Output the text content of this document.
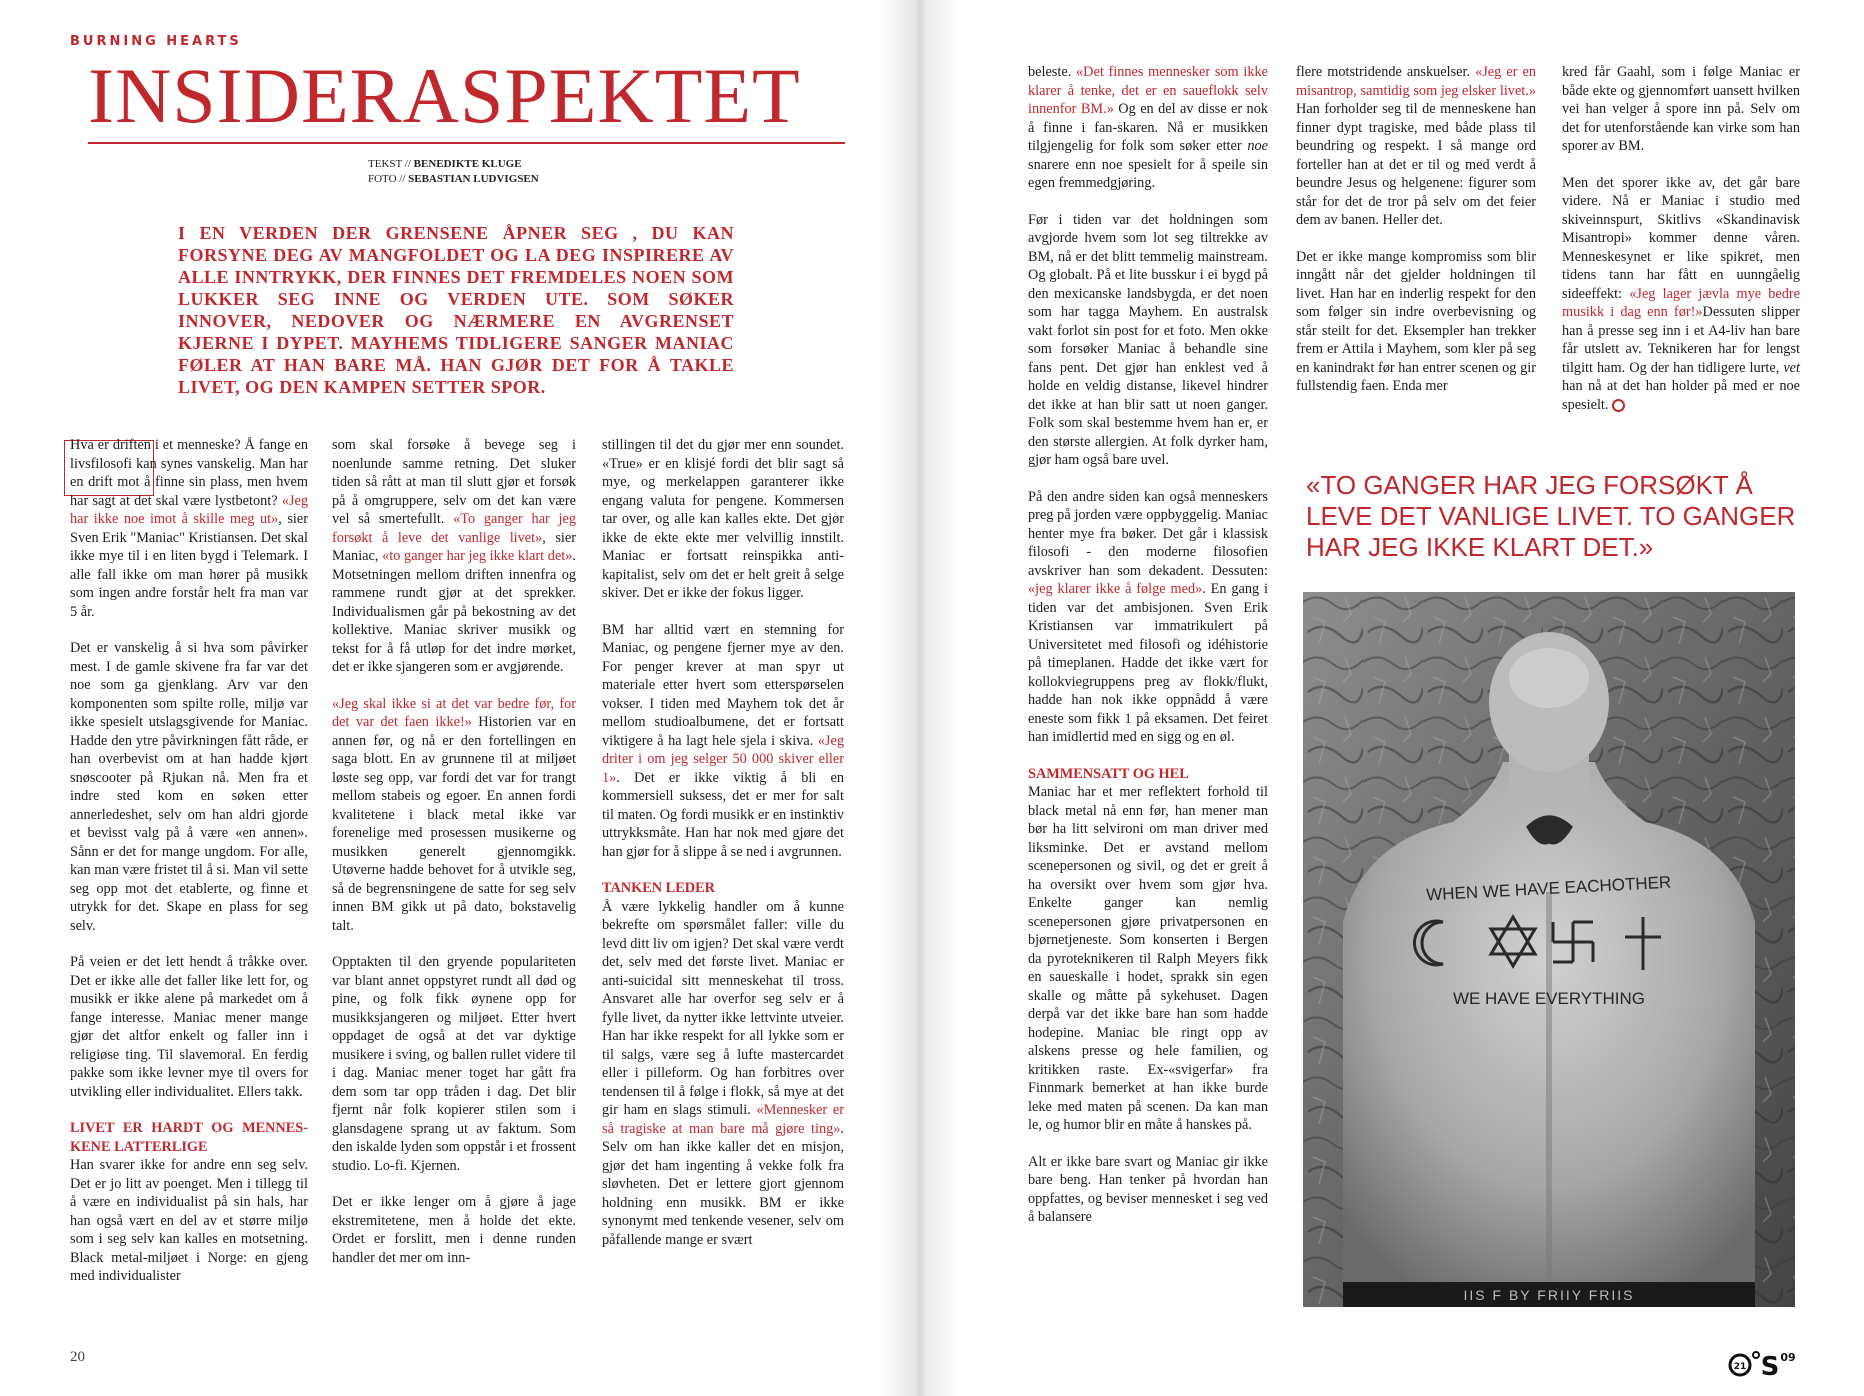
BURNING HEARTS
INSIDERASPEKTET
TEKST // BENEDIKTE KLUGE
FOTO // SEBASTIAN LUDVIGSEN
I EN VERDEN DER GRENSENE ÅPNER SEG , DU KAN FORSYNE DEG AV MANGFOLDET OG LA DEG INSPIRERE AV ALLE INNTRYKK, DER FINNES DET FREMDELES NOEN SOM LUKKER SEG INNE OG VERDEN UTE. SOM SØKER INNOVER, NEDOVER OG NÆRMERE EN AVGRENSET KJERNE I DYPET. MAYHEMS TIDLIGERE SANGER MANIAC FØLER AT HAN BARE MÅ. HAN GJØR DET FOR Å TAKLE LIVET, OG DEN KAMPEN SETTER SPOR.

Hva er driften i et menneske? Å fange en livsfilosofi kan synes vanskelig. Man har en drift mot å finne sin plass, men hvem har sagt at det skal være lystbetont? «Jeg har ikke noe imot å skille meg ut», sier Sven Erik "Maniac" Kristiansen. Det skal ikke mye til i en liten bygd i Telemark. I alle fall ikke om man hører på musikk som ingen andre forstår helt fra man var 5 år.

Det er vanskelig å si hva som påvirker mest. I de gamle skivene fra far var det noe som ga gjenklang. Arv var den komponenten som spilte rolle, miljø var ikke spesielt utslagsgivende for Maniac. Hadde den ytre påvirkningen fått råde, er han overbevist om at han hadde kjørt snøscooter på Rjukan nå. Men fra et indre sted kom en søken etter annerledeshet, selv om han aldri gjorde et bevisst valg på å være «en annen». Sånn er det for mange ungdom. For alle, kan man være fristet til å si. Man vil sette seg opp mot det etablerte, og finne et utrykk for det. Skape en plass for seg selv.

På veien er det lett hendt å tråkke over. Det er ikke alle det faller like lett for, og musikk er ikke alene på markedet om å fange interesse. Maniac mener mange gjør det altfor enkelt og faller inn i religiøse ting. Til slavemoral. En ferdig pakke som ikke levner mye til overs for utvikling eller individualitet. Ellers takk.

LIVET ER HARDT OG MENNES-KENE LATTERLIGE

Han svarer ikke for andre enn seg selv. Det er jo litt av poenget. Men i tillegg til å være en individualist på sin hals, har han også vært en del av et større miljø som i seg selv kan kalles en motsetning. Black metal-miljøet i Norge: en gjeng med individualister

som skal forsøke å bevege seg i noenlunde samme retning. Det sluker tiden så rått at man til slutt gjør et forsøk på å omgruppere, selv om det kan være vel så smertefullt. «To ganger har jeg forsøkt å leve det vanlige livet», sier Maniac, «to ganger har jeg ikke klart det». Motsetningen mellom driften innenfra og rammene rundt gjør at det sprekker. Individualismen går på bekostning av det kollektive. Maniac skriver musikk og tekst for å få utløp for det indre mørket, det er ikke sjangeren som er avgjørende.

«Jeg skal ikke si at det var bedre før, for det var det faen ikke!» Historien var en annen før, og nå er den fortellingen en saga blott. En av grunnene til at miljøet løste seg opp, var fordi det var for trangt mellom stabeis og egoer. En annen fordi kvalitetene i black metal ikke var forenelige med prosessen musikerne og musikken generelt gjennomgikk. Utøverne hadde behovet for å utvikle seg, så de begrensningene de satte for seg selv innen BM gikk ut på dato, bokstavelig talt.

Opptakten til den gryende populariteten var blant annet oppstyret rundt all død og pine, og folk fikk øynene opp for musikksjangeren og miljøet. Etter hvert oppdaget de også at det var dyktige musikere i sving, og ballen rullet videre til i dag. Maniac mener toget har gått fra dem som tar opp tråden i dag. Det blir fjernt når folk kopierer stilen som i glansdagene sprang ut av faktum. Som den iskalde lyden som oppstår i et frossent studio. Lo-fi. Kjernen.

Det er ikke lenger om å gjøre å jage ekstremitetene, men å holde det ekte. Ordet er forslitt, men i denne runden handler det mer om inn-

stillingen til det du gjør mer enn soundet. «True» er en klisjé fordi det blir sagt så mye, og merkelappen garanterer ikke engang valuta for pengene. Kommersen tar over, og alle kan kalles ekte. Det gjør ikke de ekte ekte mer velvillig innstilt. Maniac er fortsatt reinspikka anti-kapitalist, selv om det er helt greit å selge skiver. Det er ikke der fokus ligger.

BM har alltid vært en stemning for Maniac, og pengene fjerner mye av den. For penger krever at man spyr ut materiale etter hvert som etterspørselen vokser. I tiden med Mayhem tok det år mellom studioalbumene, det er fortsatt viktigere å ha lagt hele sjela i skiva. «Jeg driter i om jeg selger 50 000 skiver eller 1». Det er ikke viktig å bli en kommersiell suksess, det er mer for salt til maten. Og fordi musikk er en instinktiv uttrykksmåte. Han har nok med gjøre det han gjør for å slippe å se ned i avgrunnen.

TANKEN LEDER

Å være lykkelig handler om å kunne bekrefte om spørsmålet faller: ville du levd ditt liv om igjen? Det skal være verdt det, selv med det første livet. Maniac er anti-suicidal sitt menneskehat til tross. Ansvaret alle har overfor seg selv er å fylle livet, da nytter ikke lettvinte utveier. Han har ikke respekt for all lykke som er til salgs, være seg å lufte mastercardet eller i pilleform. Og han forbitres over tendensen til å følge i flokk, så mye at det gir ham en slags stimuli. «Mennesker er så tragiske at man bare må gjøre ting». Selv om han ikke kaller det en misjon, gjør det ham ingenting å vekke folk fra sløvheten. Det er lettere gjort gjennom holdning enn musikk. BM er ikke synonymt med tenkende vesener, selv om påfallende mange er svært

beleste. «Det finnes mennesker som ikke klarer å tenke, det er en saueflokk selv innenfor BM.» Og en del av disse er nok å finne i fan-skaren. Nå er musikken tilgjengelig for folk som søker etter noe snarere enn noe spesielt for å speile sin egen fremmedgjøring.

Før i tiden var det holdningen som avgjorde hvem som lot seg tiltrekke av BM, nå er det blitt temmelig mainstream. Og globalt. På et lite busskur i ei bygd på den mexicanske landsbygda, er det noen som har tagga Mayhem. En australsk vakt forlot sin post for et foto. Men okke som forsøker Maniac å behandle sine fans pent. Det gjør han enklest ved å holde en veldig distanse, likevel hindrer det ikke at han blir satt ut noen ganger. Folk som skal bestemme hvem han er, er den største allergien. At folk dyrker ham, gjør ham også bare uvel.

På den andre siden kan også menneskers preg på jorden være oppbyggelig. Maniac henter mye fra bøker. Det går i klassisk filosofi - den moderne filosofien avskriver han som dekadent. Dessuten: «jeg klarer ikke å følge med». En gang i tiden var det ambisjonen. Sven Erik Kristiansen var immatrikulert på Universitetet med filosofi og idéhistorie på timeplanen. Hadde det ikke vært for kollokviegruppens preg av flokk/flukt, hadde han nok ikke oppnådd å være eneste som fikk 1 på eksamen. Det feiret han imidlertid med en sigg og en øl.

SAMMENSATT OG HEL

Maniac har et mer reflektert forhold til black metal nå enn før, han mener man bør ha litt selvironi om man driver med liksminke. Det er avstand mellom scenepersonen og sivil, og det er greit å ha oversikt over hvem som gjør hva. Enkelte ganger kan nemlig scenepersonen gjøre privatpersonen en bjørnetjeneste. Som konserten i Bergen da pyroteknikeren til Ralph Meyers fikk en saueskalle i hodet, sprakk sin egen skalle og måtte på sykehuset. Dagen derpå var det ikke bare han som hadde hodepine. Maniac ble ringt opp av alskens presse og hele familien, og kritikken raste. Ex-«svigerfar» fra Finnmark bemerket at han ikke burde leke med maten på scenen. Da kan man le, og humor blir en måte å hanskes på.

Alt er ikke bare svart og Maniac gir ikke bare beng. Han tenker på hvordan han oppfattes, og beviser mennesket i seg ved å balansere

flere motstridende anskuelser. «Jeg er en misantrop, samtidig som jeg elsker livet.» Han forholder seg til de menneskene han finner dypt tragiske, med både plass til beundring og respekt. I så mange ord forteller han at det er til og med verdt å beundre Jesus og helgenene: figurer som står for det de tror på selv om det feier dem av banen. Heller det.

Det er ikke mange kompromiss som blir inngått når det gjelder holdningen til livet. Han har en inderlig respekt for den som følger sin indre overbevisning og står steilt for det. Eksempler han trekker frem er Attila i Mayhem, som kler på seg en kanindrakt før han entrer scenen og gir fullstendig faen. Enda mer

kred får Gaahl, som i følge Maniac er både ekte og gjennomført uansett hvilken vei han velger å spore inn på. Selv om det for utenforstående kan virke som han sporer av BM.

Men det sporer ikke av, det går bare videre. Nå er Maniac i studio med skiveinnspurt, Skitlivs «Skandinavisk Misantropi» kommer denne våren. Menneskesynet er like spikret, men tidens tann har fått en uunngåelig sideeffekt: «Jeg lager jævla mye bedre musikk i dag enn før!»Dessuten slipper han å presse seg inn i et A4-liv han bare får utslett av. Teknikeren har for lengst tilgitt ham. Og der han tidligere lurte, vet han nå at det han holder på med er noe spesielt.

«TO GANGER HAR JEG FORSØKT Å LEVE DET VANLIGE LIVET. TO GANGER HAR JEG IKKE KLART DET.»
WHEN WE HAVE EACHOTHER
WE HAVE EVERYTHING
IIS F BY FRIIY FRIIS
20
21 S 09
